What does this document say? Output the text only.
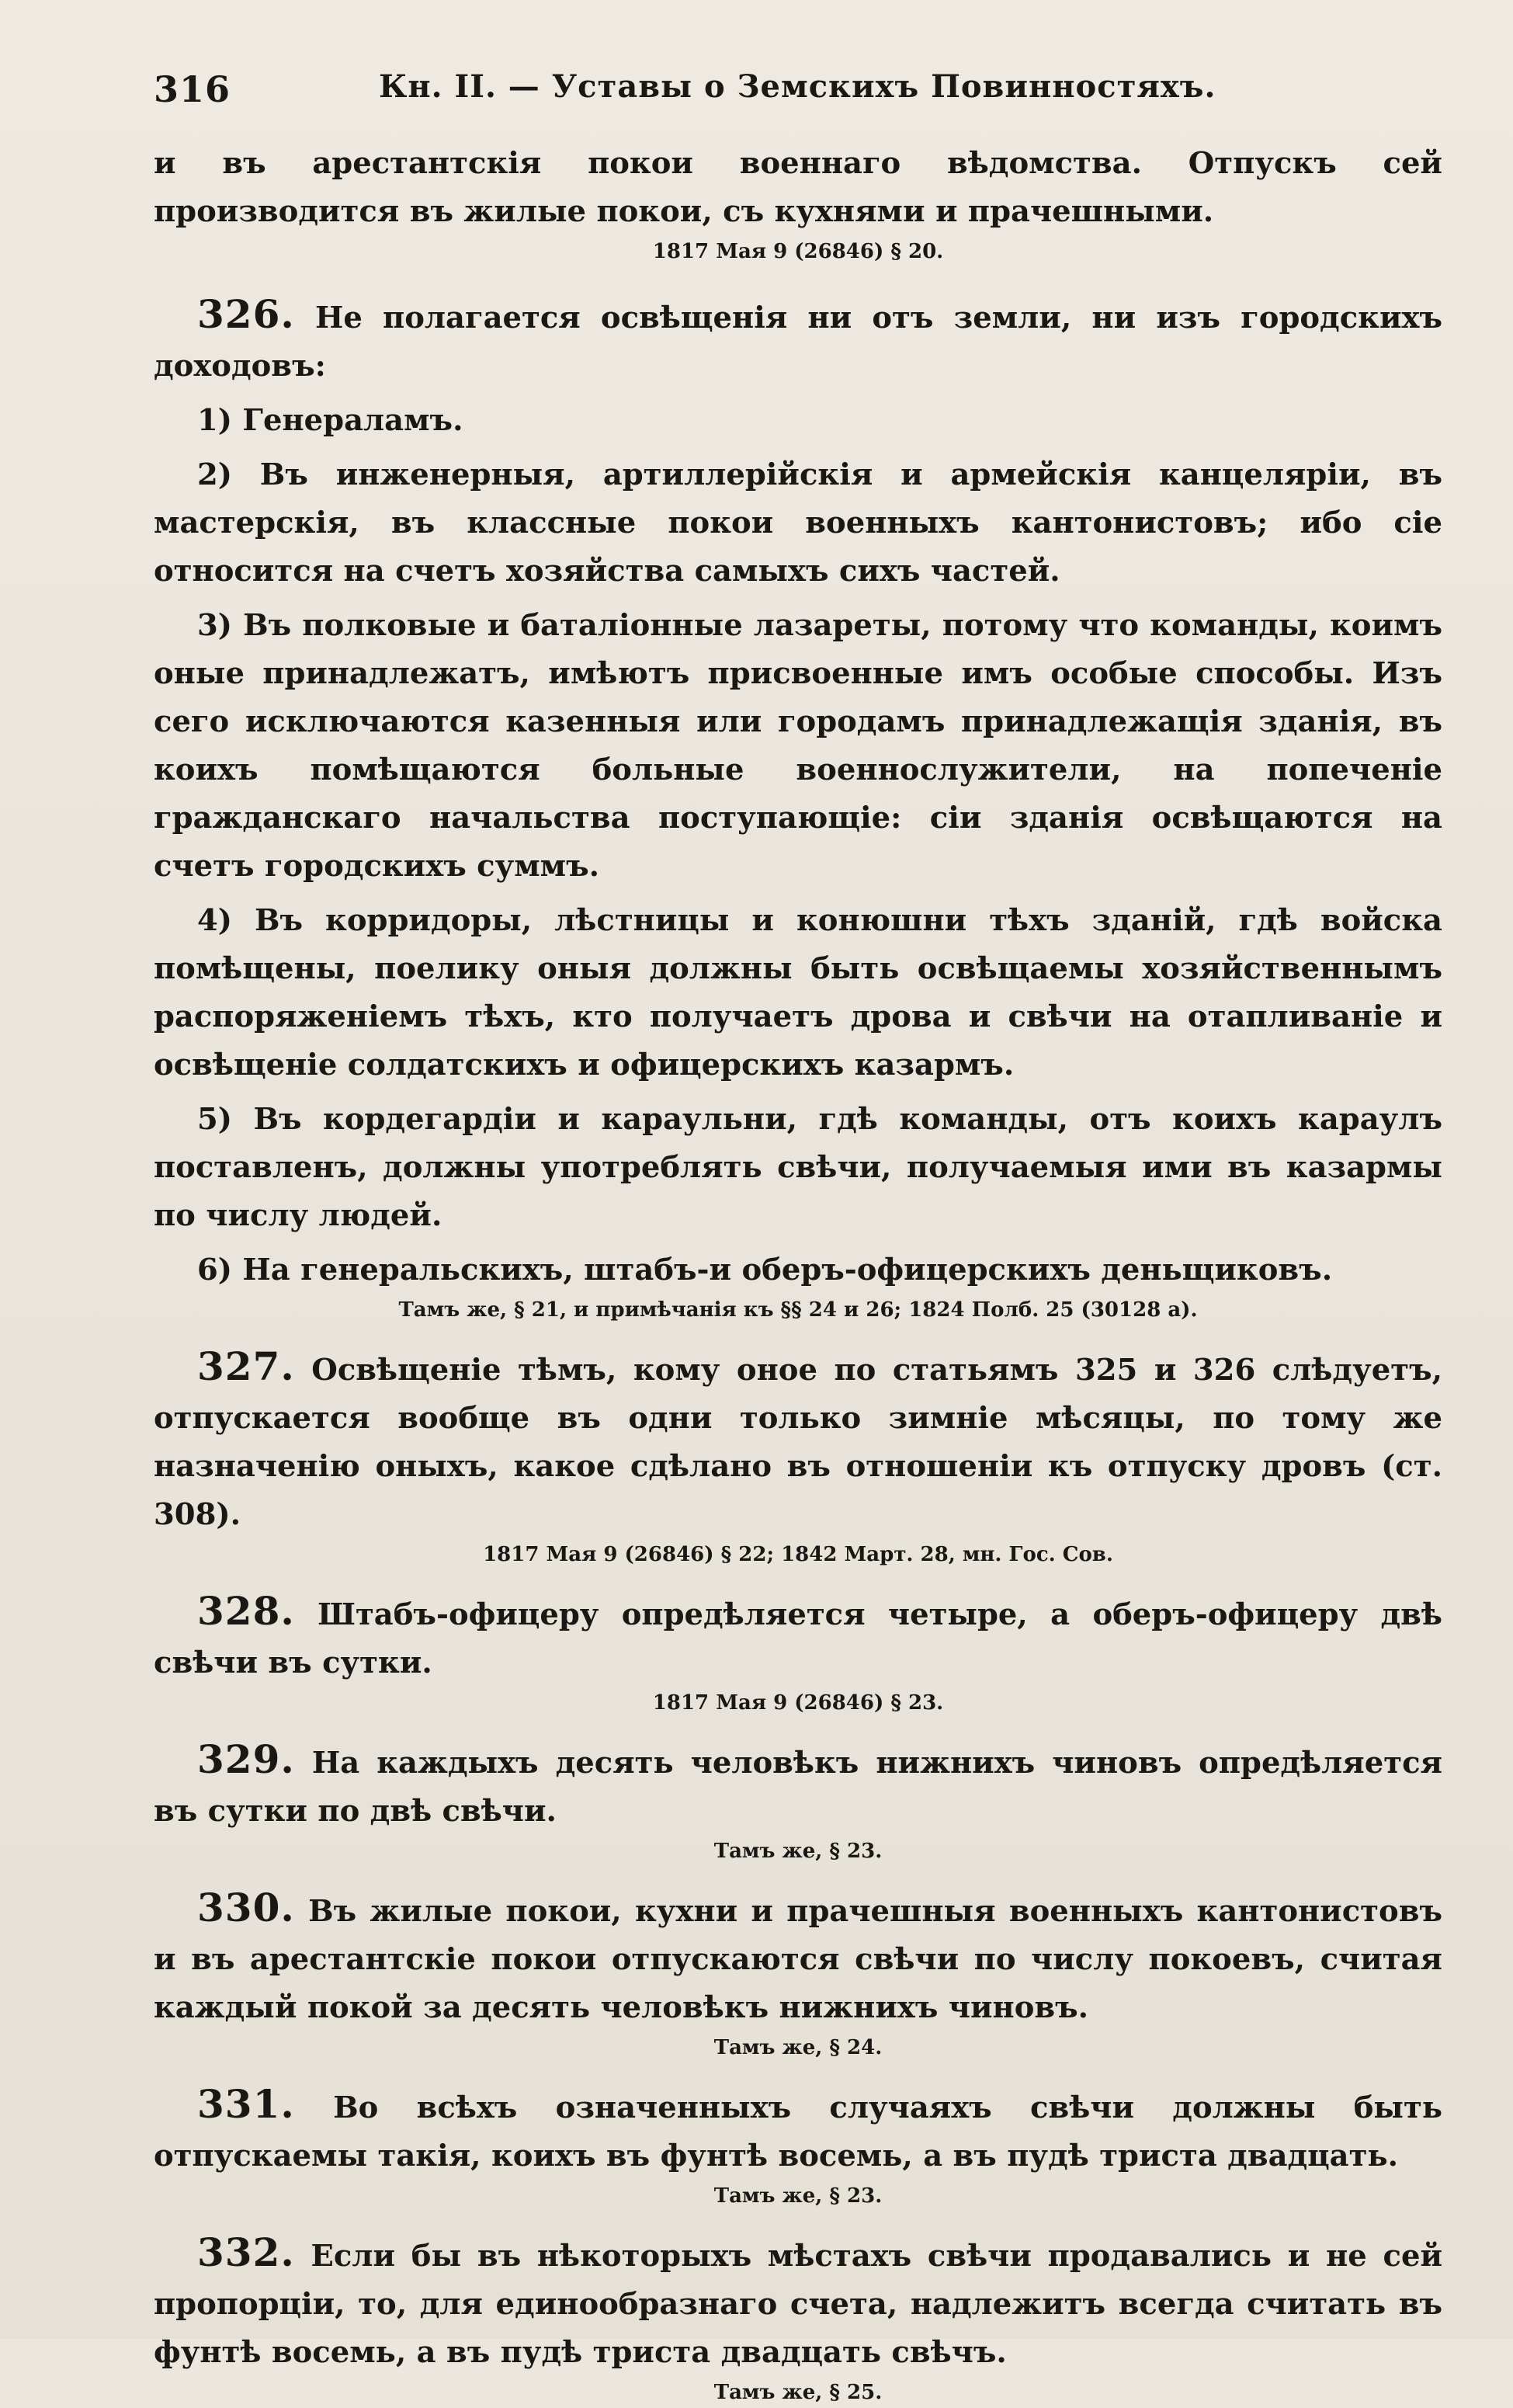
316	Кн. II. — Уставы о Земскихъ Повинностяхъ.

и въ арестантскія покои военнаго вѣдомства. Отпускъ сей производится въ жилые покои, съ кухнями и прачешными.

1817 Мая 9 (26846) § 20.

326. Не полагается освѣщенія ни отъ земли, ни изъ городскихъ доходовъ:

1) Генераламъ.

2) Въ инженерныя, артиллерійскія и армейскія канцеляріи, въ мастерскія, въ классные покои военныхъ кантонистовъ; ибо сіе относится на счетъ хозяйства самыхъ сихъ частей.

3) Въ полковые и баталіонные лазареты, потому что команды, коимъ оные принадлежатъ, имѣютъ присвоенные имъ особые способы. Изъ сего исключаются казенныя или городамъ принадлежащія зданія, въ коихъ помѣщаются больные военнослужители, на попеченіе гражданскаго начальства поступающіе: сіи зданія освѣщаются на счетъ городскихъ суммъ.

4) Въ корридоры, лѣстницы и конюшни тѣхъ зданій, гдѣ войска помѣщены, поелику оныя должны быть освѣщаемы хозяйственнымъ распоряженіемъ тѣхъ, кто получаетъ дрова и свѣчи на отапливаніе и освѣщеніе солдатскихъ и офицерскихъ казармъ.

5) Въ кордегардіи и караульни, гдѣ команды, отъ коихъ караулъ поставленъ, должны употреблять свѣчи, получаемыя ими въ казармы по числу людей.

6) На генеральскихъ, штабъ-и оберъ-офицерскихъ деньщиковъ.

Тамъ же, § 21, и примѣчанія къ §§ 24 и 26; 1824 Полб. 25 (30128 а).

327. Освѣщеніе тѣмъ, кому оное по статьямъ 325 и 326 слѣдуетъ, отпускается вообще въ одни только зимніе мѣсяцы, по тому же назначенію оныхъ, какое сдѣлано въ отношеніи къ отпуску дровъ (ст. 308).

1817 Мая 9 (26846) § 22; 1842 Март. 28, мн. Гос. Сов.

328. Штабъ-офицеру опредѣляется четыре, а оберъ-офицеру двѣ свѣчи въ сутки.

1817 Мая 9 (26846) § 23.

329. На каждыхъ десять человѣкъ нижнихъ чиновъ опредѣляется въ сутки по двѣ свѣчи.

Тамъ же, § 23.

330. Въ жилые покои, кухни и прачешныя военныхъ кантонистовъ и въ арестантскіе покои отпускаются свѣчи по числу покоевъ, считая каждый покой за десять человѣкъ нижнихъ чиновъ.

Тамъ же, § 24.

331. Во всѣхъ означенныхъ случаяхъ свѣчи должны быть отпускаемы такія, коихъ въ фунтѣ восемь, а въ пудѣ триста двадцать.

Тамъ же, § 23.

332. Если бы въ нѣкоторыхъ мѣстахъ свѣчи продавались и не сей пропорціи, то, для единообразнаго счета, надлежитъ всегда считать въ фунтѣ восемь, а въ пудѣ триста двадцать свѣчъ.

Тамъ же, § 25.
